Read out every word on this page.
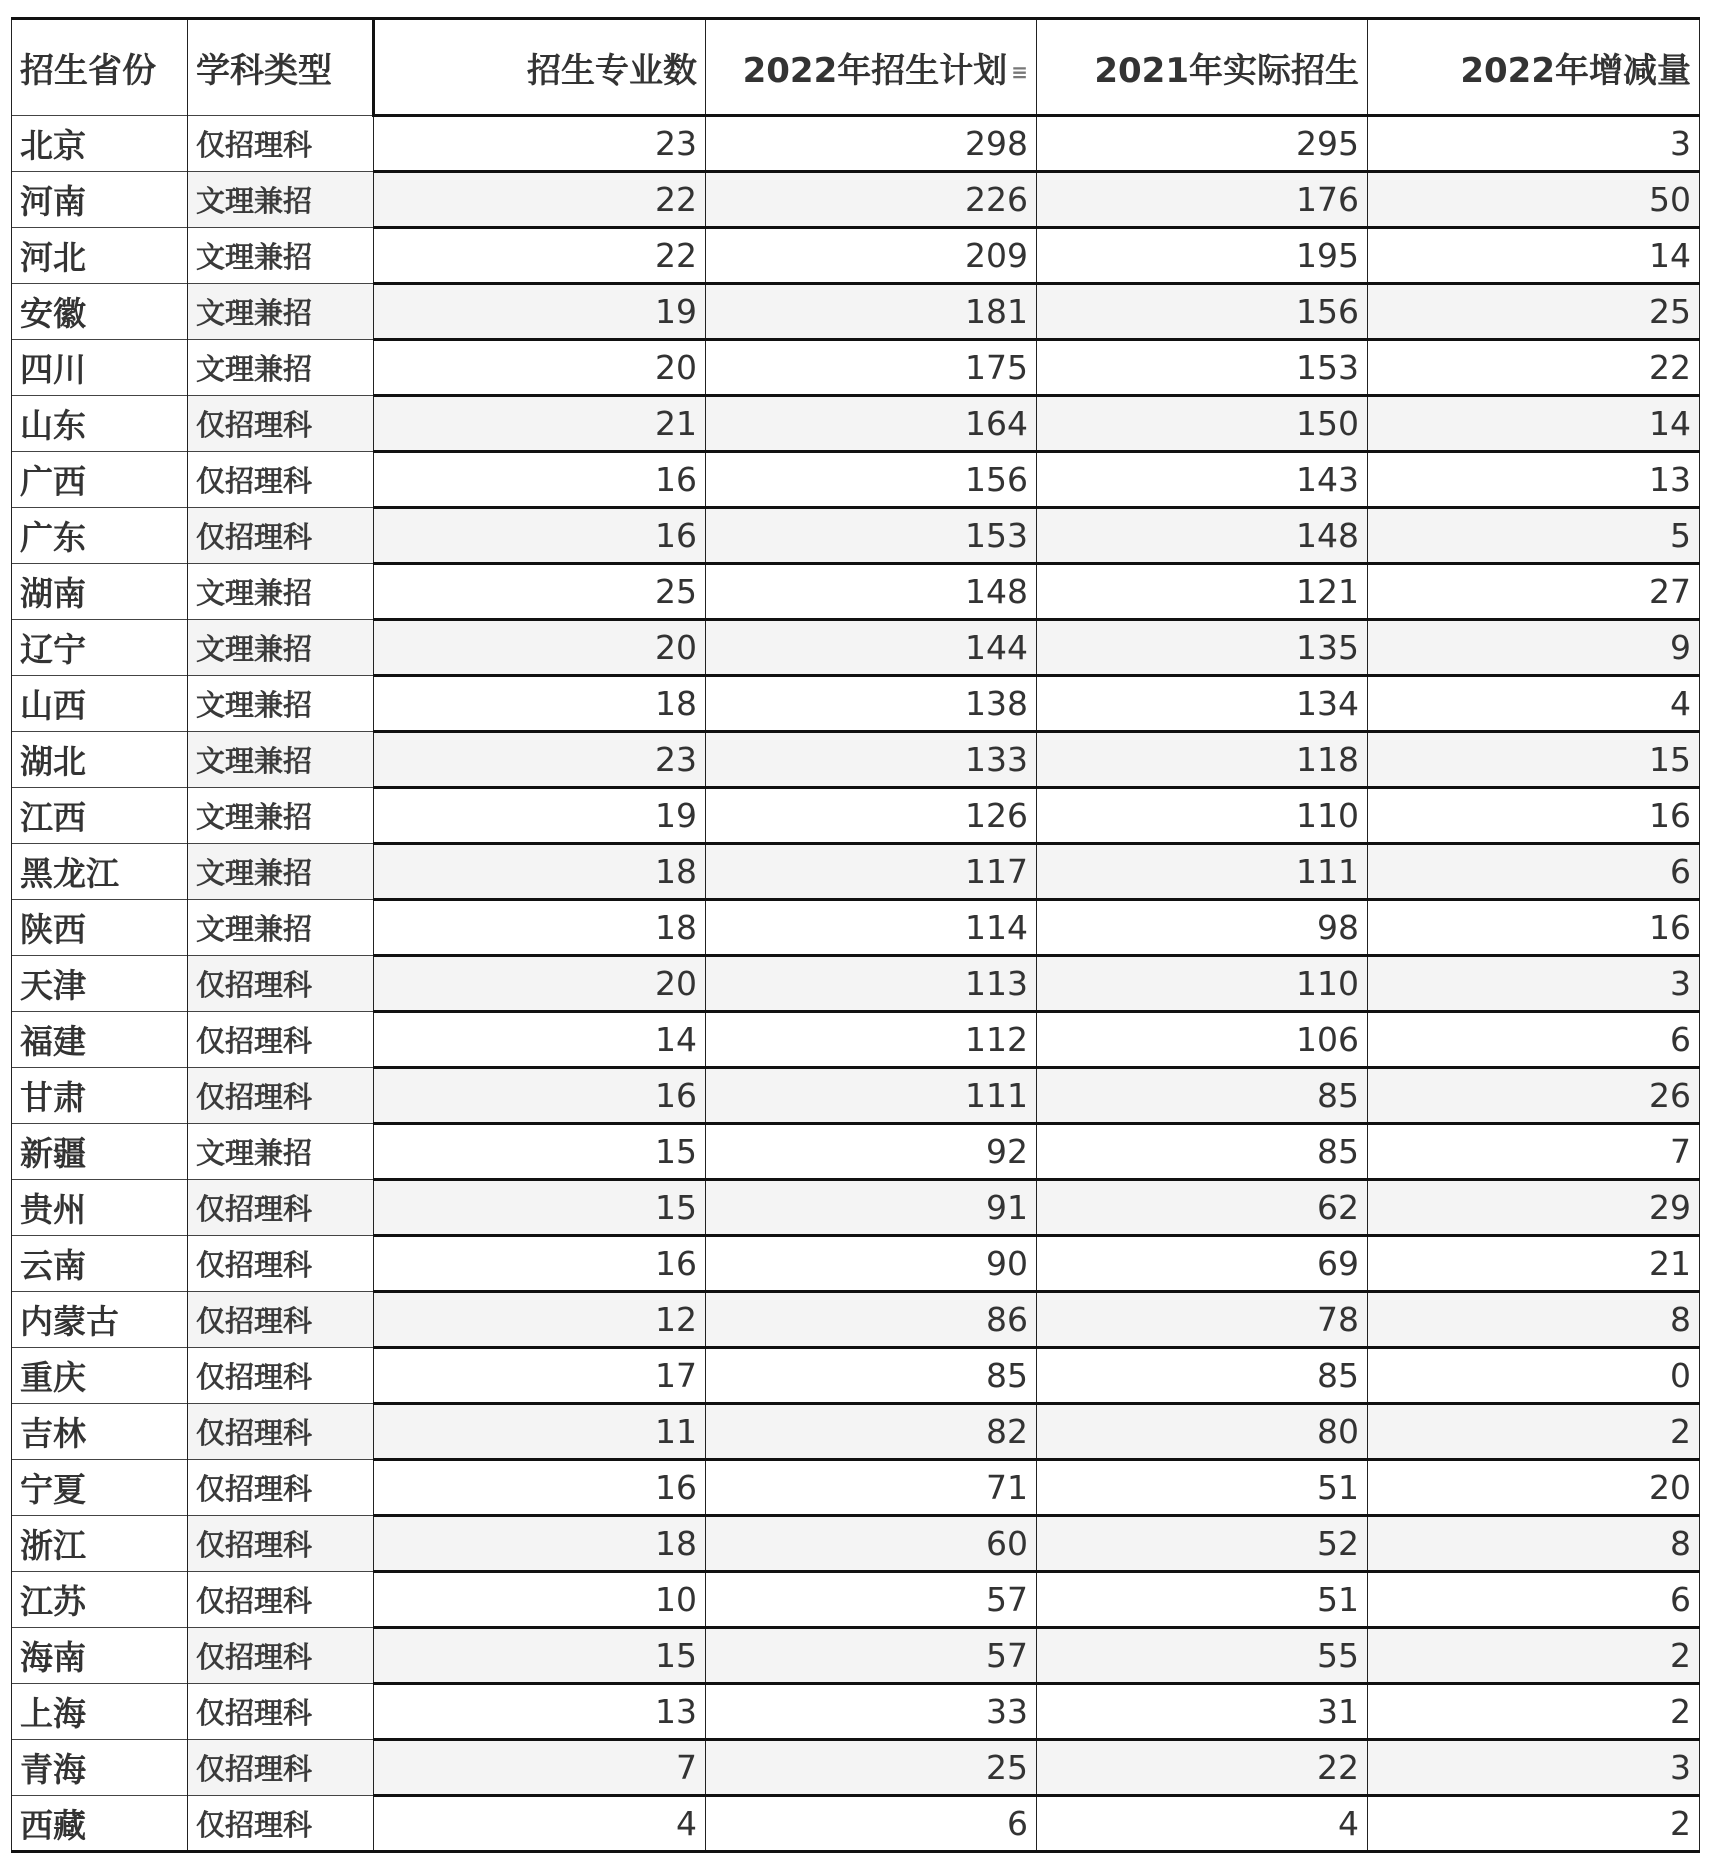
招生省份	学科类型	招生专业数	2022年招生计划 ≡	2021年实际招生	2022年增减量
北京	仅招理科	23	298	295	3
河南	文理兼招	22	226	176	50
河北	文理兼招	22	209	195	14
安徽	文理兼招	19	181	156	25
四川	文理兼招	20	175	153	22
山东	仅招理科	21	164	150	14
广西	仅招理科	16	156	143	13
广东	仅招理科	16	153	148	5
湖南	文理兼招	25	148	121	27
辽宁	文理兼招	20	144	135	9
山西	文理兼招	18	138	134	4
湖北	文理兼招	23	133	118	15
江西	文理兼招	19	126	110	16
黑龙江	文理兼招	18	117	111	6
陕西	文理兼招	18	114	98	16
天津	仅招理科	20	113	110	3
福建	仅招理科	14	112	106	6
甘肃	仅招理科	16	111	85	26
新疆	文理兼招	15	92	85	7
贵州	仅招理科	15	91	62	29
云南	仅招理科	16	90	69	21
内蒙古	仅招理科	12	86	78	8
重庆	仅招理科	17	85	85	0
吉林	仅招理科	11	82	80	2
宁夏	仅招理科	16	71	51	20
浙江	仅招理科	18	60	52	8
江苏	仅招理科	10	57	51	6
海南	仅招理科	15	57	55	2
上海	仅招理科	13	33	31	2
青海	仅招理科	7	25	22	3
西藏	仅招理科	4	6	4	2
